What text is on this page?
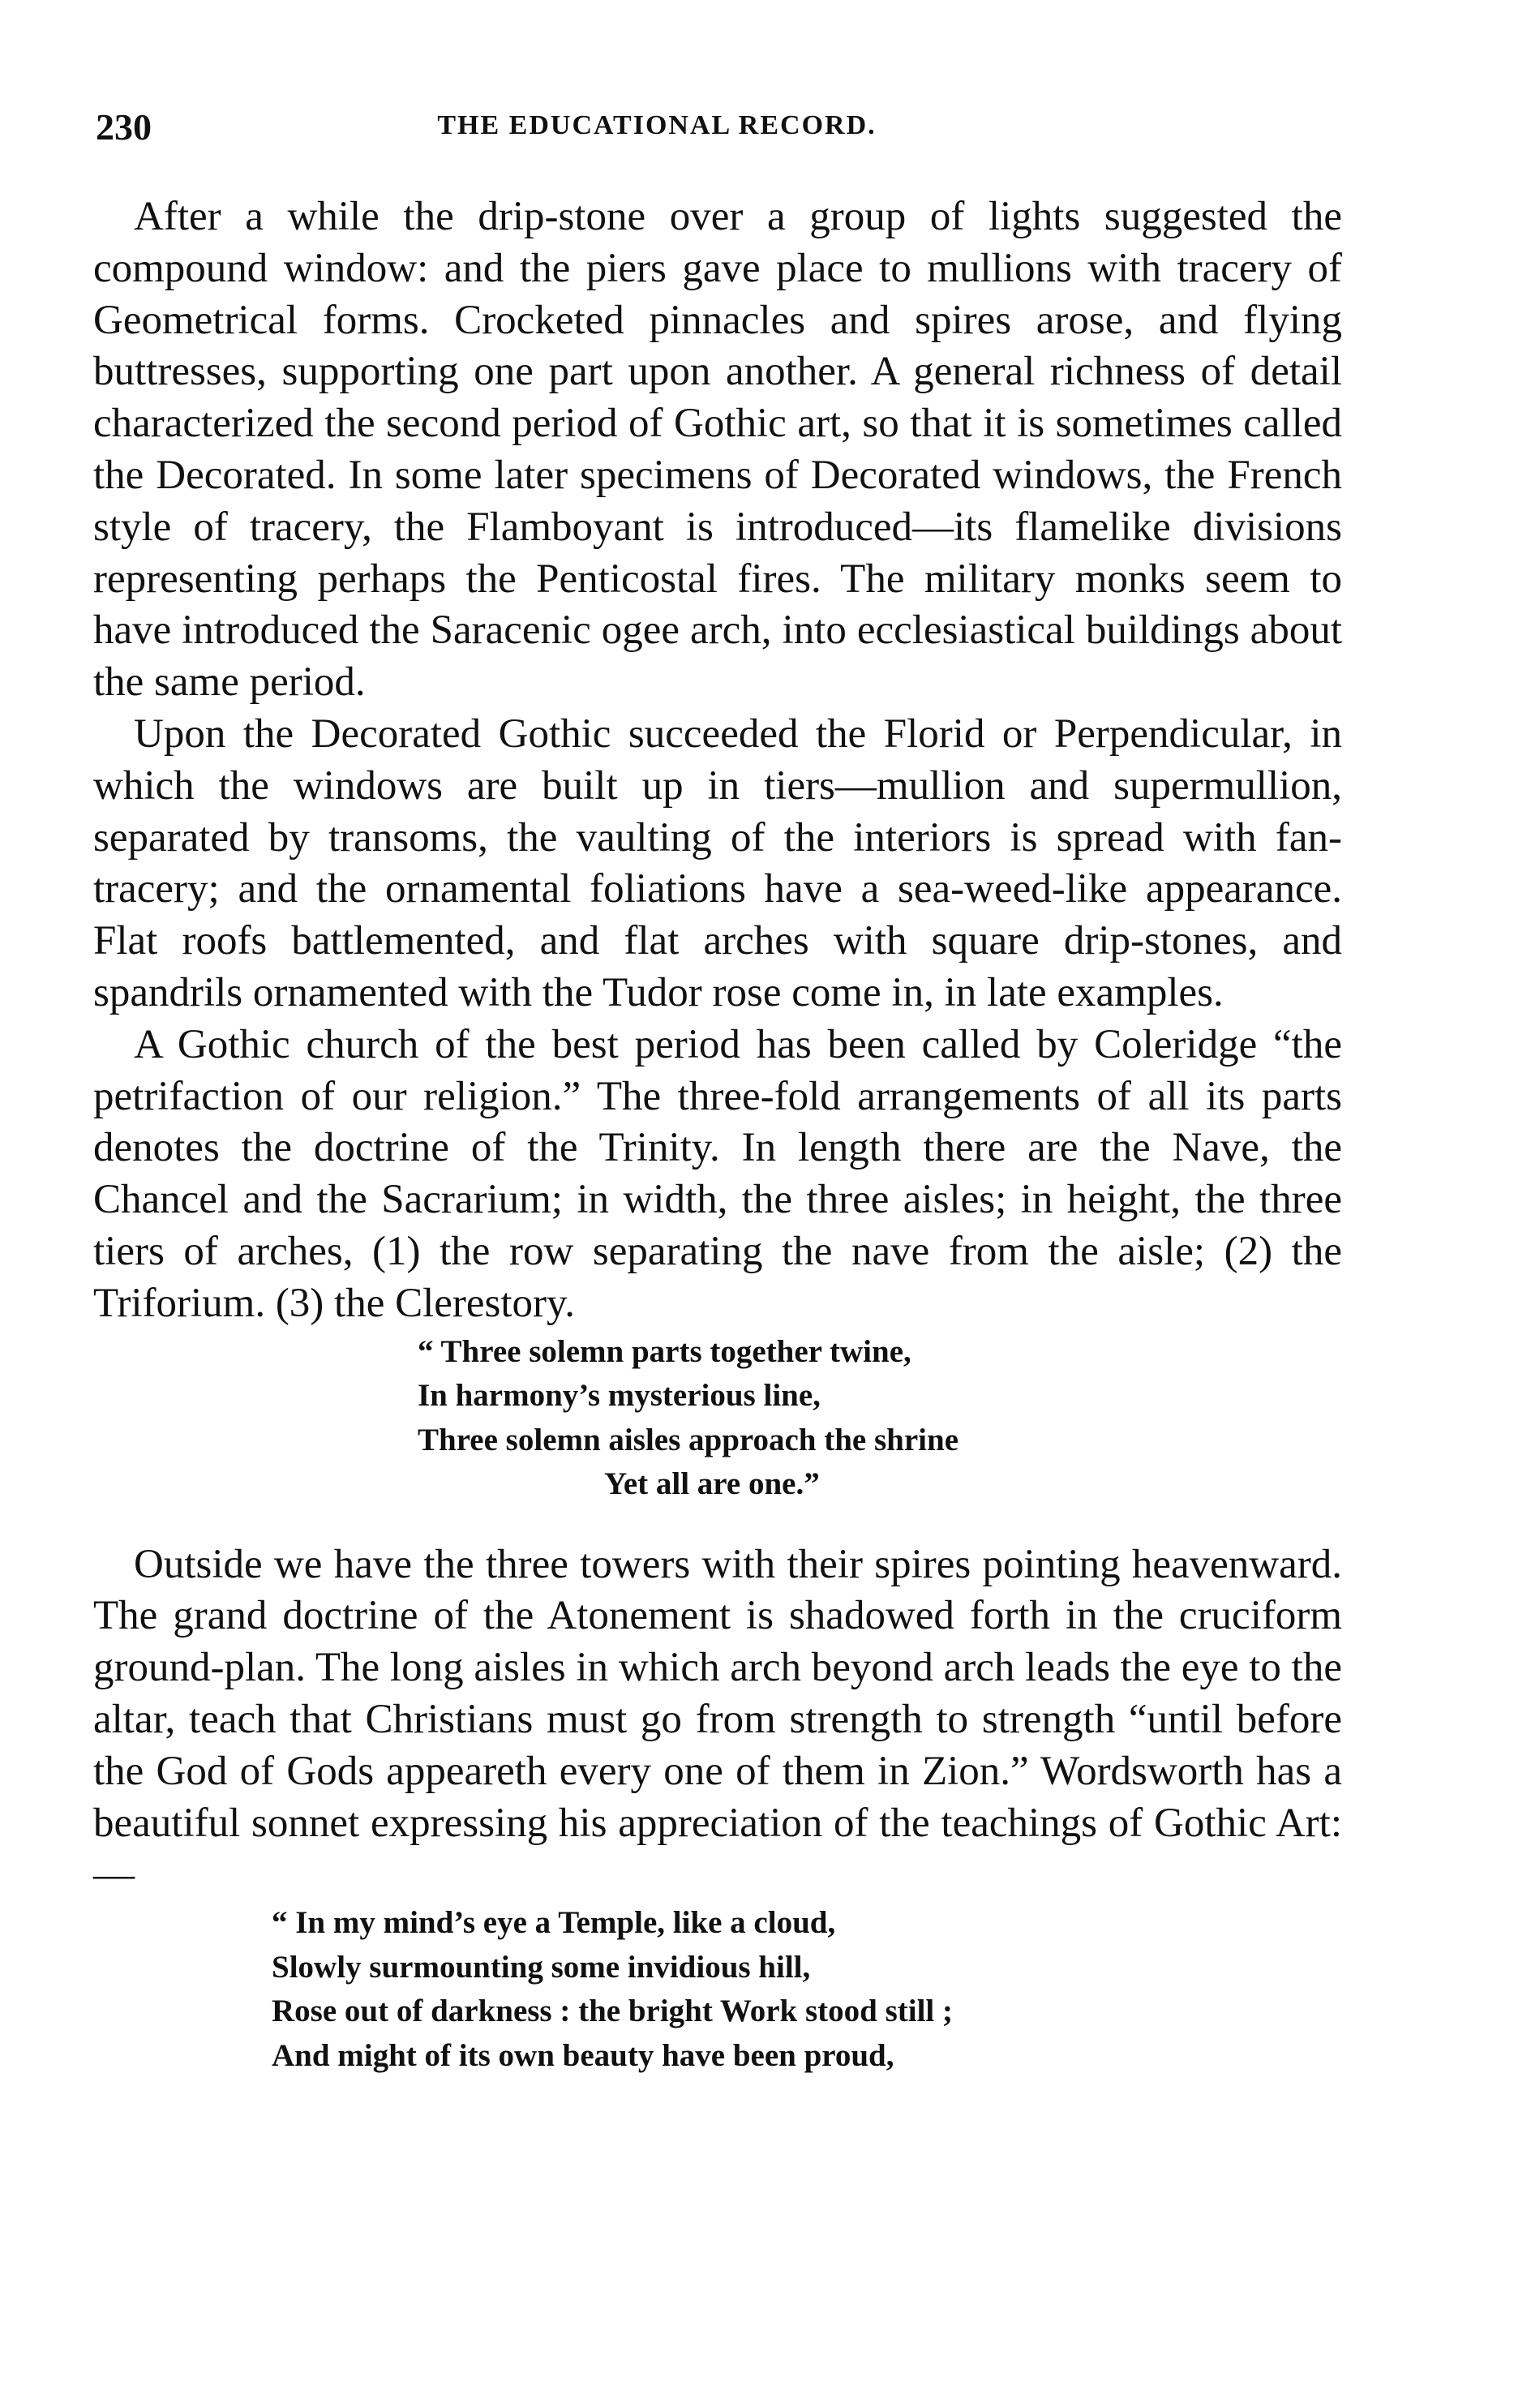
230	THE EDUCATIONAL RECORD.

After a while the drip-stone over a group of lights suggested the compound window: and the piers gave place to mullions with tracery of Geometrical forms. Crocketed pinnacles and spires arose, and flying buttresses, supporting one part upon another. A general richness of detail characterized the second period of Gothic art, so that it is sometimes called the Decorated. In some later specimens of Decorated windows, the French style of tracery, the Flamboyant is introduced—its flamelike divisions representing perhaps the Penticostal fires. The military monks seem to have introduced the Saracenic ogee arch, into ecclesiastical buildings about the same period.

Upon the Decorated Gothic succeeded the Florid or Perpendicular, in which the windows are built up in tiers—mullion and supermullion, separated by transoms, the vaulting of the interiors is spread with fan-tracery; and the ornamental foliations have a sea-weed-like appearance. Flat roofs battlemented, and flat arches with square drip-stones, and spandrils ornamented with the Tudor rose come in, in late examples.

A Gothic church of the best period has been called by Coleridge “the petrifaction of our religion.” The three-fold arrangements of all its parts denotes the doctrine of the Trinity. In length there are the Nave, the Chancel and the Sacrarium; in width, the three aisles; in height, the three tiers of arches, (1) the row separating the nave from the aisle; (2) the Triforium. (3) the Clerestory.

“ Three solemn parts together twine,
In harmony’s mysterious line,
Three solemn aisles approach the shrine
Yet all are one.”

Outside we have the three towers with their spires pointing heavenward. The grand doctrine of the Atonement is shadowed forth in the cruciform ground-plan. The long aisles in which arch beyond arch leads the eye to the altar, teach that Christians must go from strength to strength “until before the God of Gods appeareth every one of them in Zion.” Wordsworth has a beautiful sonnet expressing his appreciation of the teachings of Gothic Art:—

“ In my mind’s eye a Temple, like a cloud,
Slowly surmounting some invidious hill,
Rose out of darkness : the bright Work stood still ;
And might of its own beauty have been proud,
